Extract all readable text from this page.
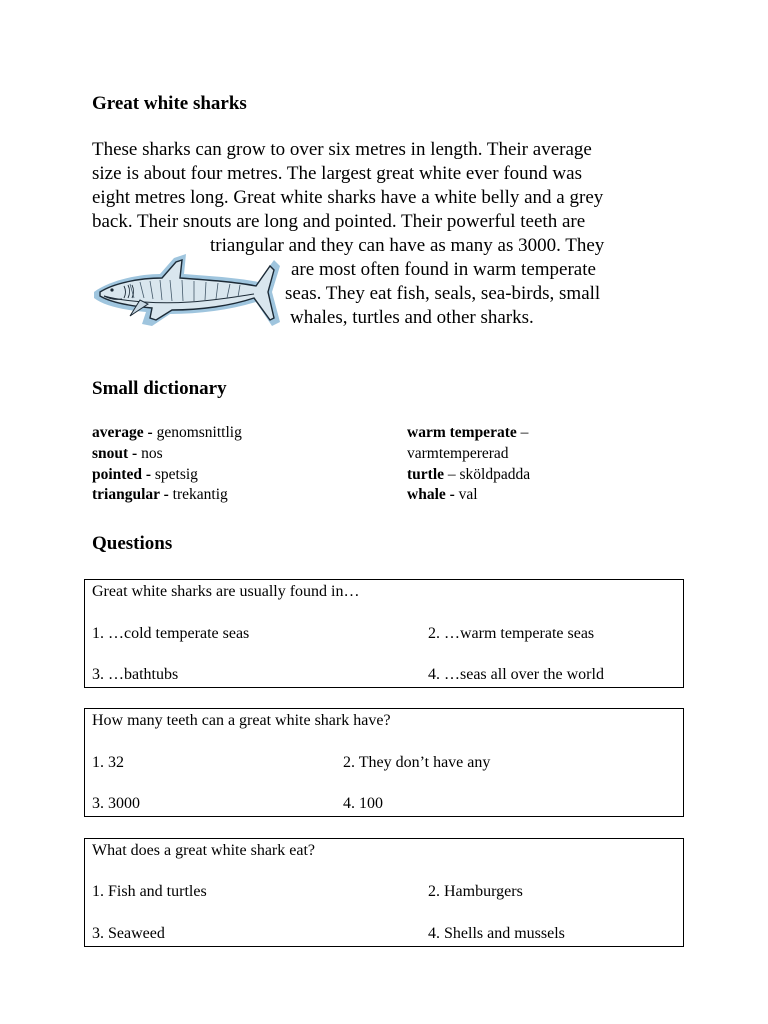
Great white sharks
These sharks can grow to over six metres in length. Their average
size is about four metres. The largest great white ever found was
eight metres long. Great white sharks have a white belly and a grey
back. Their snouts are long and pointed. Their powerful teeth are
triangular and they can have as many as 3000. They
are most often found in warm temperate
seas. They eat fish, seals, sea-birds, small
whales, turtles and other sharks.
Small dictionary
average - genomsnittlig
snout - nos
pointed - spetsig
triangular - trekantig
warm temperate –
varmtempererad
turtle – sköldpadda
whale - val
Questions
Great white sharks are usually found in…
1. …cold temperate seas	2. …warm temperate seas
3. …bathtubs	4. …seas all over the world
How many teeth can a great white shark have?
1. 32	2. They don’t have any
3. 3000	4. 100
What does a great white shark eat?
1. Fish and turtles	2. Hamburgers
3. Seaweed	4. Shells and mussels
